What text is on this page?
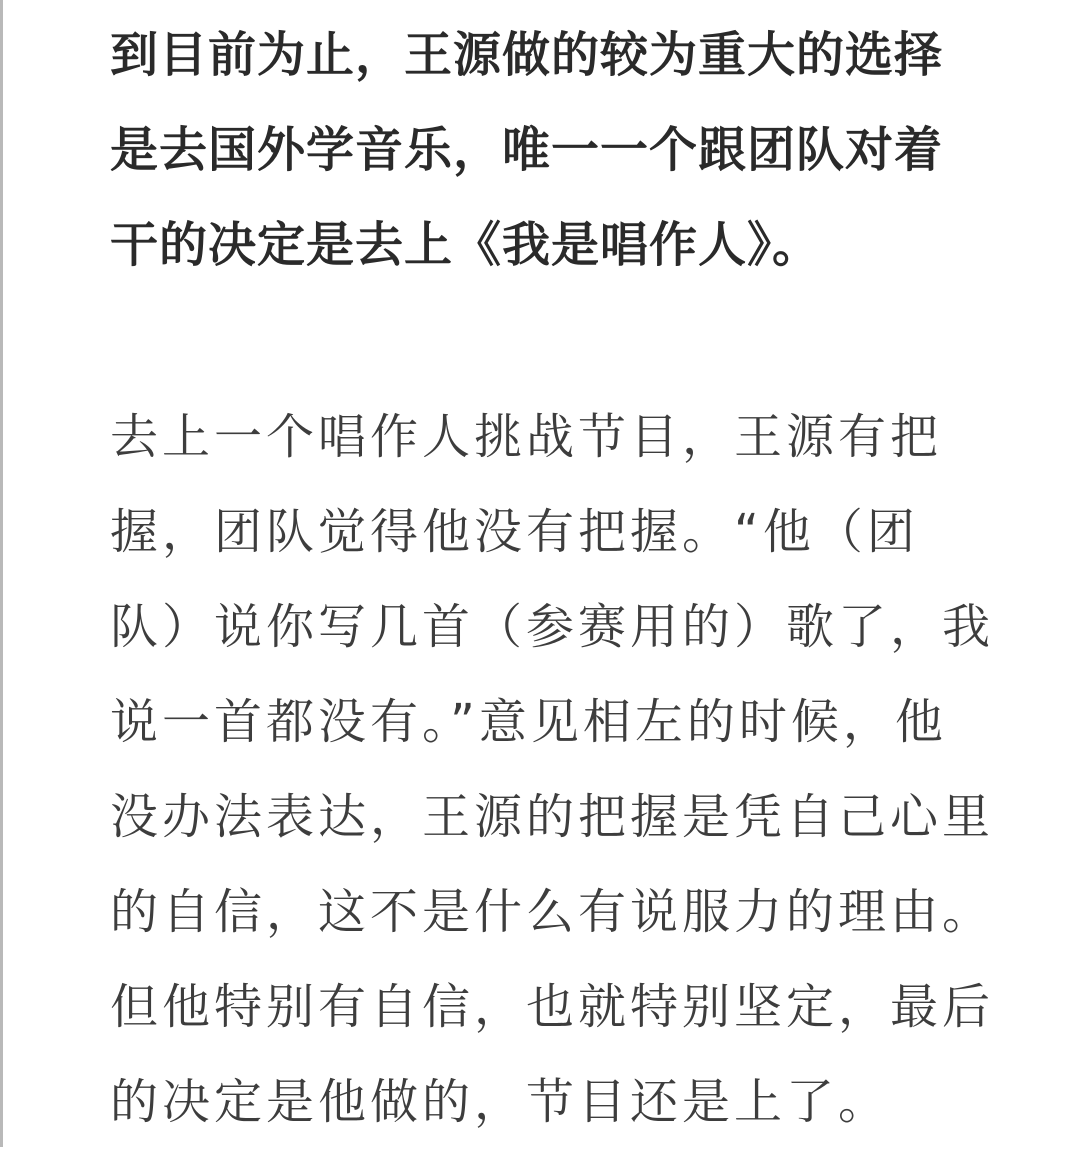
到目前为止，王源做的较为重大的选择
是去国外学音乐，唯一一个跟团队对着
干的决定是去上《我是唱作人》。
去上一个唱作人挑战节目，王源有把
握，团队觉得他没有把握。“他（团
队）说你写几首（参赛用的）歌了，我
说一首都没有。”意见相左的时候，他
没办法表达，王源的把握是凭自己心里
的自信，这不是什么有说服力的理由。
但他特别有自信，也就特别坚定，最后
的决定是他做的，节目还是上了。
